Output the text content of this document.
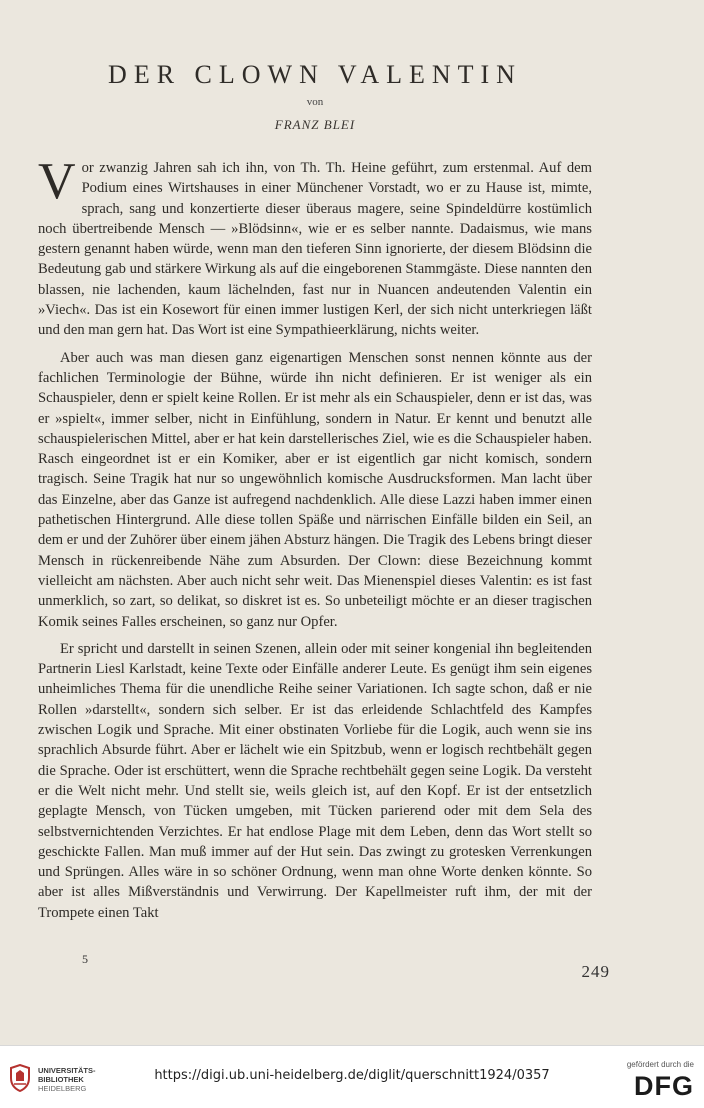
DER CLOWN VALENTIN
von
FRANZ BLEI

Vor zwanzig Jahren sah ich ihn, von Th. Th. Heine geführt, zum erstenmal. Auf dem Podium eines Wirtshauses in einer Münchener Vorstadt, wo er zu Hause ist, mimte, sprach, sang und konzertierte dieser überaus magere, seine Spindeldürre kostümlich noch übertreibende Mensch — »Blödsinn«, wie er es selber nannte. Dadaismus, wie mans gestern genannt haben würde, wenn man den tieferen Sinn ignorierte, der diesem Blödsinn die Bedeutung gab und stärkere Wirkung als auf die eingeborenen Stammgäste. Diese nannten den blassen, nie lachenden, kaum lächelnden, fast nur in Nuancen andeutenden Valentin ein »Viech«. Das ist ein Kosewort für einen immer lustigen Kerl, der sich nicht unterkriegen läßt und den man gern hat. Das Wort ist eine Sympathieerklärung, nichts weiter.

Aber auch was man diesen ganz eigenartigen Menschen sonst nennen könnte aus der fachlichen Terminologie der Bühne, würde ihn nicht definieren. Er ist weniger als ein Schauspieler, denn er spielt keine Rollen. Er ist mehr als ein Schauspieler, denn er ist das, was er »spielt«, immer selber, nicht in Einfühlung, sondern in Natur. Er kennt und benutzt alle schauspielerischen Mittel, aber er hat kein darstellerisches Ziel, wie es die Schauspieler haben. Rasch eingeordnet ist er ein Komiker, aber er ist eigentlich gar nicht komisch, sondern tragisch. Seine Tragik hat nur so ungewöhnlich komische Ausdrucksformen. Man lacht über das Einzelne, aber das Ganze ist aufregend nachdenklich. Alle diese Lazzi haben immer einen pathetischen Hintergrund. Alle diese tollen Späße und närrischen Einfälle bilden ein Seil, an dem er und der Zuhörer über einem jähen Absturz hängen. Die Tragik des Lebens bringt dieser Mensch in rückenreibende Nähe zum Absurden. Der Clown: diese Bezeichnung kommt vielleicht am nächsten. Aber auch nicht sehr weit. Das Mienenspiel dieses Valentin: es ist fast unmerklich, so zart, so delikat, so diskret ist es. So unbeteiligt möchte er an dieser tragischen Komik seines Falles erscheinen, so ganz nur Opfer.

Er spricht und darstellt in seinen Szenen, allein oder mit seiner kongenial ihn begleitenden Partnerin Liesl Karlstadt, keine Texte oder Einfälle anderer Leute. Es genügt ihm sein eigenes unheimliches Thema für die unendliche Reihe seiner Variationen. Ich sagte schon, daß er nie Rollen »darstellt«, sondern sich selber. Er ist das erleidende Schlachtfeld des Kampfes zwischen Logik und Sprache. Mit einer obstinaten Vorliebe für die Logik, auch wenn sie ins sprachlich Absurde führt. Aber er lächelt wie ein Spitzbub, wenn er logisch rechtbehält gegen die Sprache. Oder ist erschüttert, wenn die Sprache rechtbehält gegen seine Logik. Da versteht er die Welt nicht mehr. Und stellt sie, weils gleich ist, auf den Kopf. Er ist der entsetzlich geplagte Mensch, von Tücken umgeben, mit Tücken parierend oder mit dem Sela des selbstvernichtenden Verzichtes. Er hat endlose Plage mit dem Leben, denn das Wort stellt so geschickte Fallen. Man muß immer auf der Hut sein. Das zwingt zu grotesken Verrenkungen und Sprüngen. Alles wäre in so schöner Ordnung, wenn man ohne Worte denken könnte. So aber ist alles Mißverständnis und Verwirrung. Der Kapellmeister ruft ihm, der mit der Trompete einen Takt

5
249
UNIVERSITÄTS-
BIBLIOTHEK
HEIDELBERG
https://digi.ub.uni-heidelberg.de/diglit/querschnitt1924/0357
gefördert durch die
DFG
